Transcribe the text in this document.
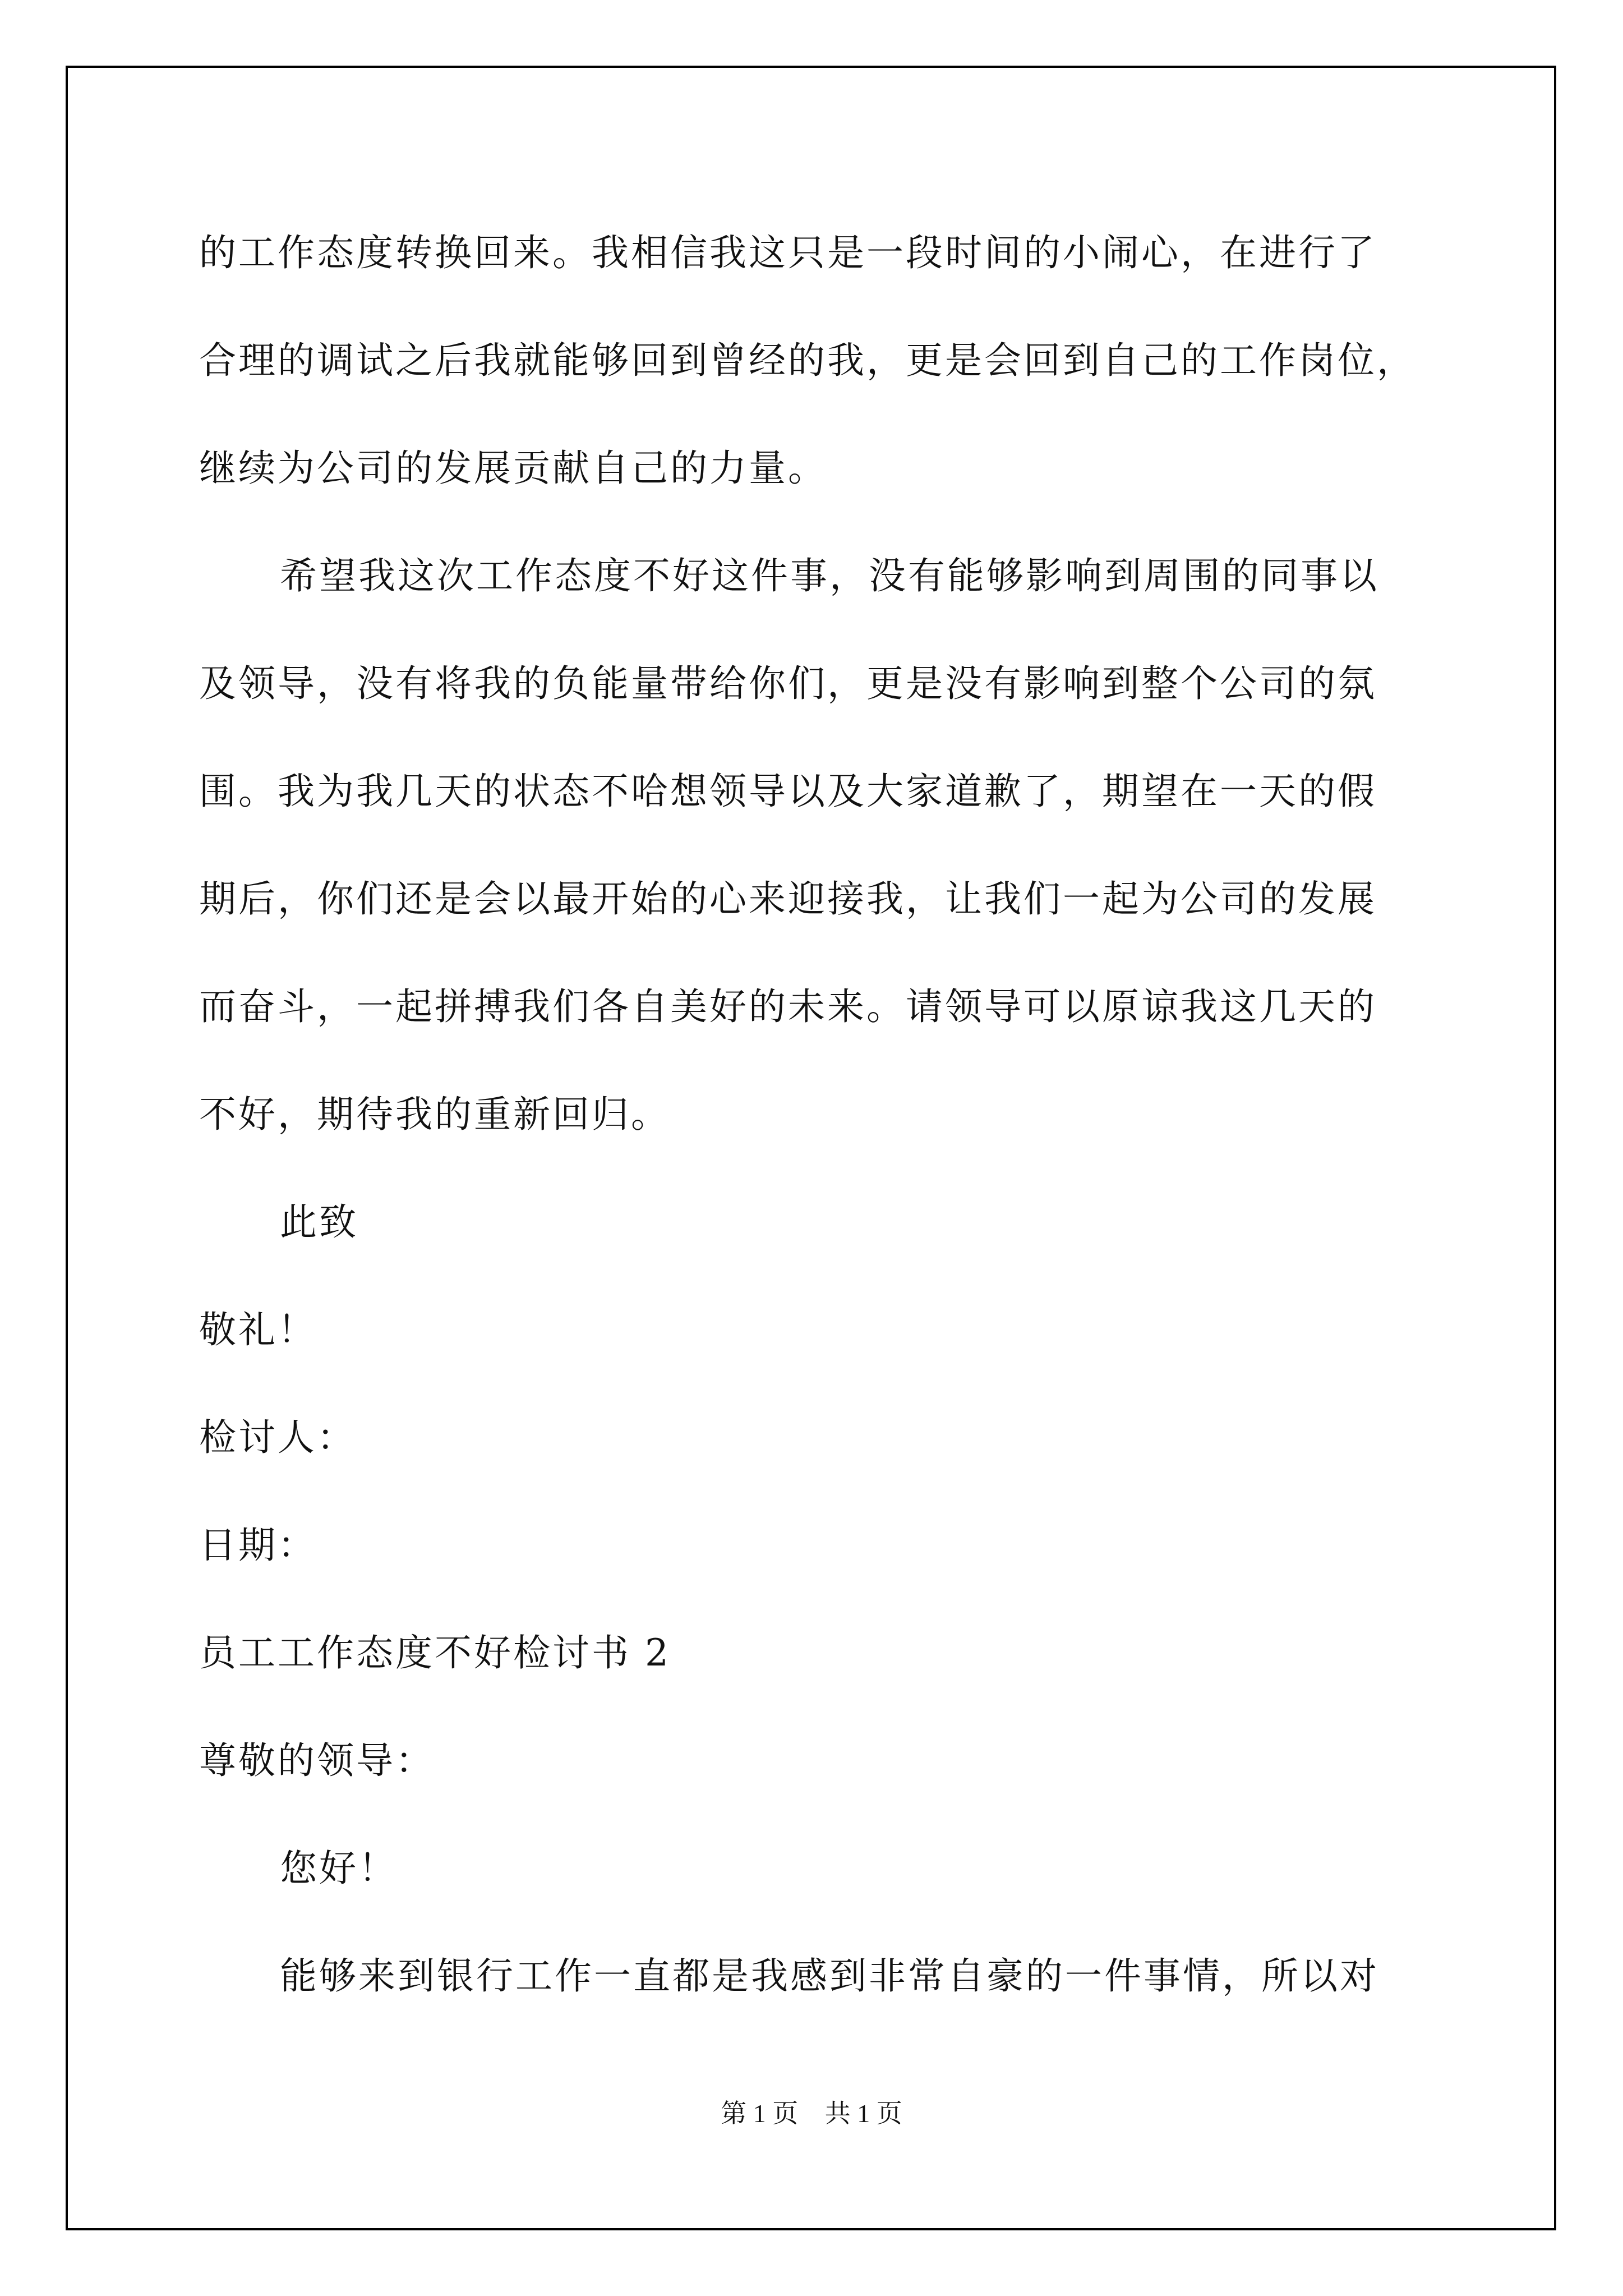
的工作态度转换回来。我相信我这只是一段时间的小闹心，在进行了
合理的调试之后我就能够回到曾经的我，更是会回到自己的工作岗位，
继续为公司的发展贡献自己的力量。
希望我这次工作态度不好这件事，没有能够影响到周围的同事以
及领导，没有将我的负能量带给你们，更是没有影响到整个公司的氛
围。我为我几天的状态不哈想领导以及大家道歉了，期望在一天的假
期后，你们还是会以最开始的心来迎接我，让我们一起为公司的发展
而奋斗，一起拼搏我们各自美好的未来。请领导可以原谅我这几天的
不好，期待我的重新回归。
此致
敬礼！
检讨人：
日期：
员工工作态度不好检讨书 2
尊敬的领导：
您好！
能够来到银行工作一直都是我感到非常自豪的一件事情，所以对
第 1 页 共 1 页
